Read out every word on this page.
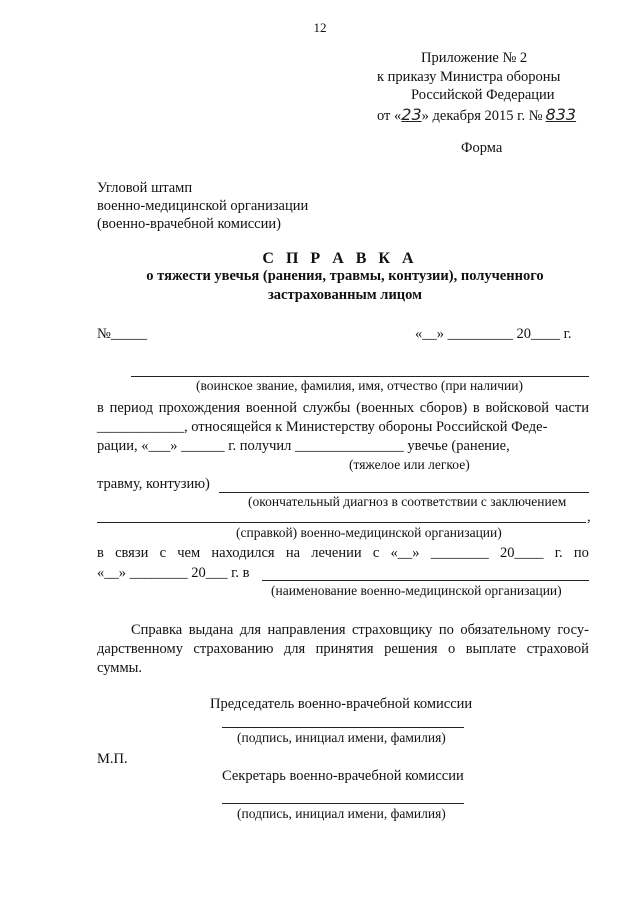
12
Приложение № 2
к приказу Министра обороны
Российской Федерации
от «23» декабря 2015 г. № 833
Форма
Угловой штамп
военно-медицинской организации
(военно-врачебной комиссии)
С П Р А В К А
о тяжести увечья (ранения, травмы, контузии), полученного
застрахованным лицом
№_____	«__» _________ 20____ г.
(воинское звание, фамилия, имя, отчество (при наличии)
в период прохождения военной службы (военных сборов) в войсковой части
____________, относящейся к Министерству обороны Российской Феде-
рации, «___» ______ г. получил _______________ увечье (ранение,
(тяжелое или легкое)
травму, контузию)
(окончательный диагноз в соответствии с заключением
,
(справкой) военно-медицинской организации)
в связи с чем находился на лечении с «__» ________ 20____ г. по
«__» ________ 20___ г. в
(наименование военно-медицинской организации)
Справка выдана для направления страховщику по обязательному госу-
дарственному страхованию для принятия решения о выплате страховой
суммы.
Председатель военно-врачебной комиссии
(подпись, инициал имени, фамилия)
М.П.
Секретарь военно-врачебной комиссии
(подпись, инициал имени, фамилия)
